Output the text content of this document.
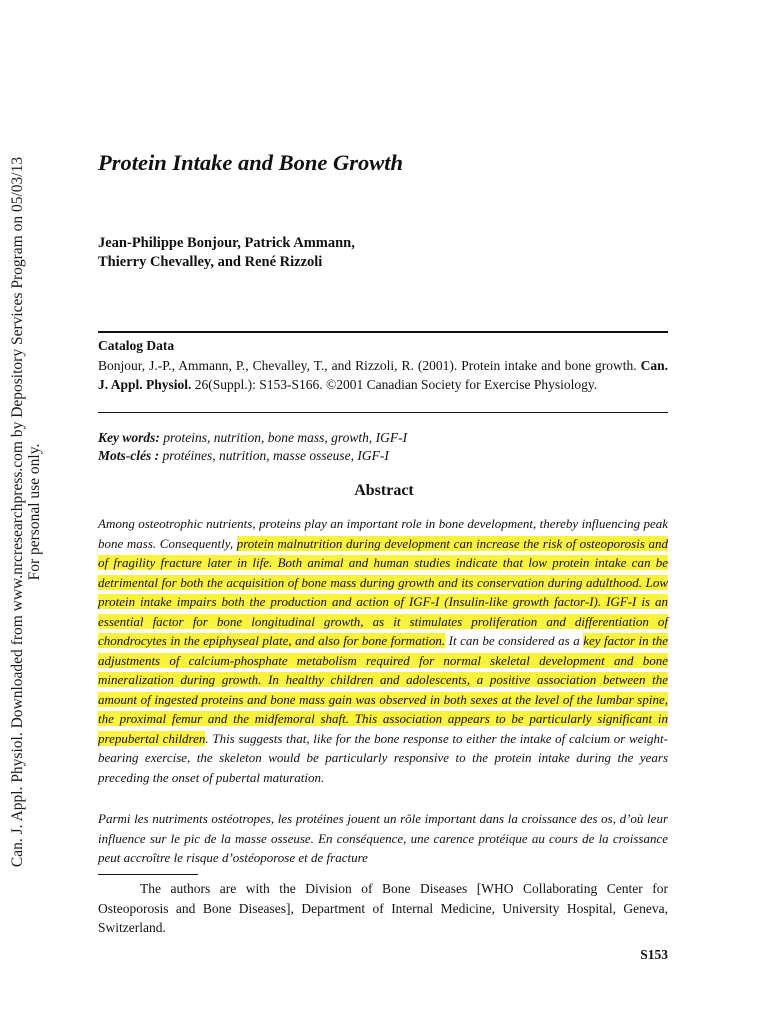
Can. J. Appl. Physiol. Downloaded from www.nrcresearchpress.com by Depository Services Program on 05/03/13 For personal use only.
Protein Intake and Bone Growth
Jean-Philippe Bonjour, Patrick Ammann,
Thierry Chevalley, and René Rizzoli
Catalog Data
Bonjour, J.-P., Ammann, P., Chevalley, T., and Rizzoli, R. (2001). Protein intake and bone growth. Can. J. Appl. Physiol. 26(Suppl.): S153-S166. ©2001 Canadian Society for Exercise Physiology.
Key words: proteins, nutrition, bone mass, growth, IGF-I
Mots-clés : protéines, nutrition, masse osseuse, IGF-I
Abstract

Among osteotrophic nutrients, proteins play an important role in bone development, thereby influencing peak bone mass. Consequently, protein malnutrition during development can increase the risk of osteoporosis and of fragility fracture later in life. Both animal and human studies indicate that low protein intake can be detrimental for both the acquisition of bone mass during growth and its conservation during adulthood. Low protein intake impairs both the production and action of IGF-I (Insulin-like growth factor-I). IGF-I is an essential factor for bone longitudinal growth, as it stimulates proliferation and differentiation of chondrocytes in the epiphyseal plate, and also for bone formation. It can be considered as a key factor in the adjustments of calcium-phosphate metabolism required for normal skeletal development and bone mineralization during growth. In healthy children and adolescents, a positive association between the amount of ingested proteins and bone mass gain was observed in both sexes at the level of the lumbar spine, the proximal femur and the midfemoral shaft. This association appears to be particularly significant in prepubertal children. This suggests that, like for the bone response to either the intake of calcium or weight-bearing exercise, the skeleton would be particularly responsive to the protein intake during the years preceding the onset of pubertal maturation.

Parmi les nutriments ostéotropes, les protéines jouent un rôle important dans la croissance des os, d’où leur influence sur le pic de la masse osseuse. En conséquence, une carence protéique au cours de la croissance peut accroître le risque d’ostéoporose et de fracture

The authors are with the Division of Bone Diseases [WHO Collaborating Center for Osteoporosis and Bone Diseases], Department of Internal Medicine, University Hospital, Geneva, Switzerland.

S153
